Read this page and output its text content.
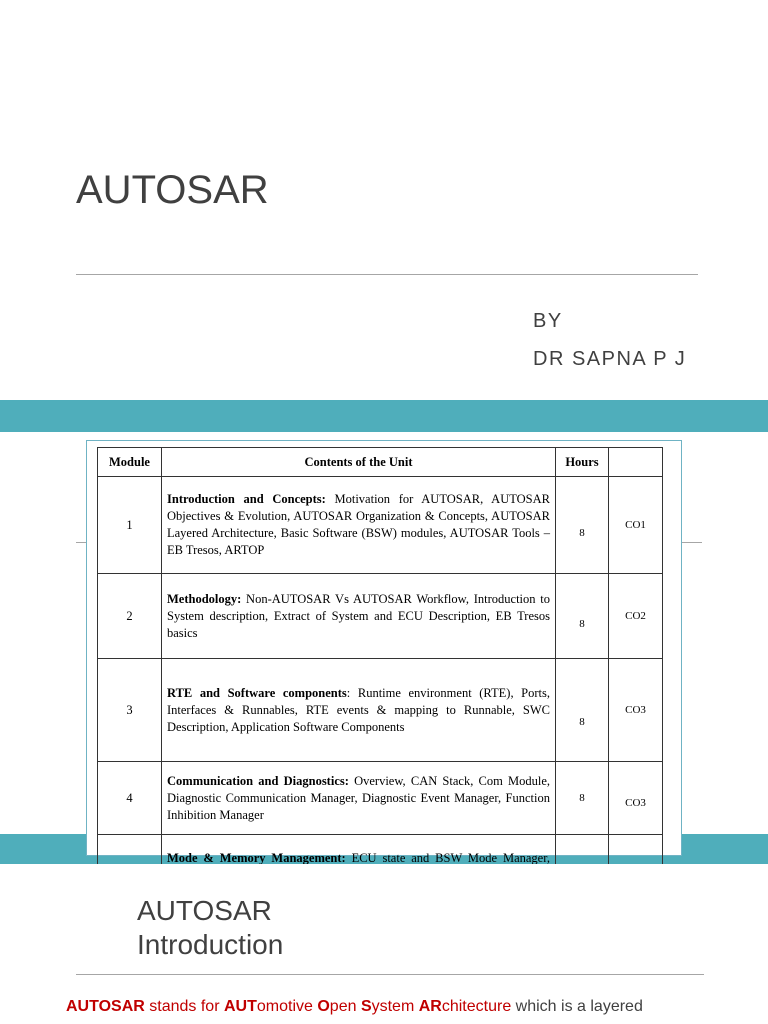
AUTOSAR
BY
DR SAPNA P J
Module	Contents of the Unit	Hours	
1	Introduction and Concepts: Motivation for AUTOSAR, AUTOSAR Objectives & Evolution, AUTOSAR Organization & Concepts, AUTOSAR Layered Architecture, Basic Software (BSW) modules, AUTOSAR Tools – EB Tresos, ARTOP	8	CO1
2	Methodology: Non-AUTOSAR Vs AUTOSAR Workflow, Introduction to System description, Extract of System and ECU Description, EB Tresos basics	8	CO2
3	RTE and Software components: Runtime environment (RTE), Ports, Interfaces & Runnables, RTE events & mapping to Runnable, SWC Description, Application Software Components	8	CO3
4	Communication and Diagnostics: Overview, CAN Stack, Com Module, Diagnostic Communication Manager, Diagnostic Event Manager, Function Inhibition Manager	8	CO3
	Mode & Memory Management: ECU state and BSW Mode Manager,		
AUTOSAR
Introduction
AUTOSAR stands for AUTomotive Open System ARchitecture which is a layered
